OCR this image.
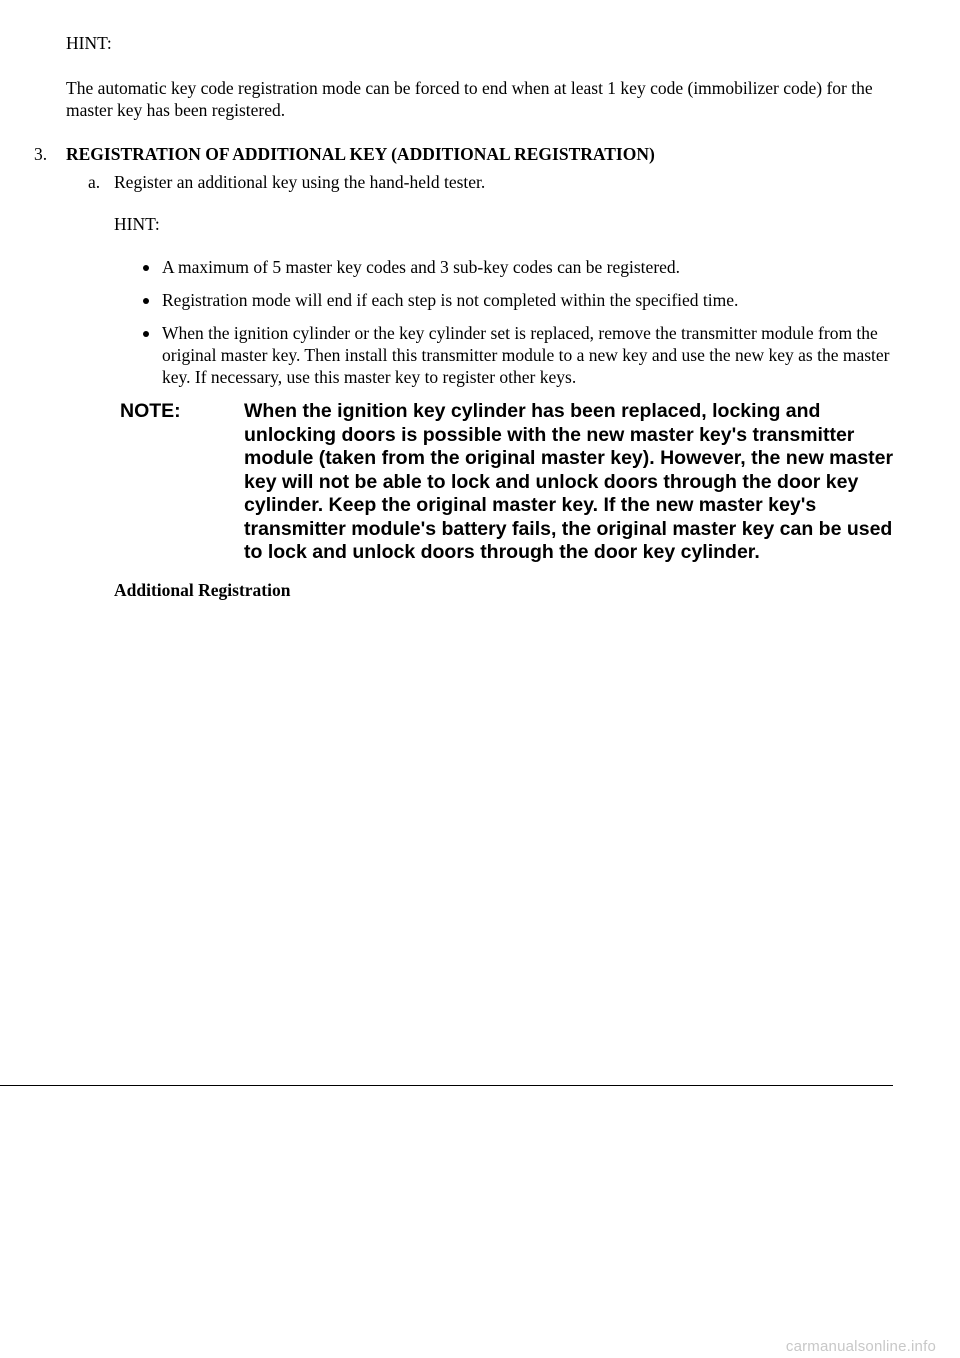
HINT:
The automatic key code registration mode can be forced to end when at least 1 key code (immobilizer code) for the master key has been registered.
3. REGISTRATION OF ADDITIONAL KEY (ADDITIONAL REGISTRATION)
a. Register an additional key using the hand-held tester.
HINT:
A maximum of 5 master key codes and 3 sub-key codes can be registered.
Registration mode will end if each step is not completed within the specified time.
When the ignition cylinder or the key cylinder set is replaced, remove the transmitter module from the original master key. Then install this transmitter module to a new key and use the new key as the master key. If necessary, use this master key to register other keys.
NOTE:	When the ignition key cylinder has been replaced, locking and unlocking doors is possible with the new master key's transmitter module (taken from the original master key). However, the new master key will not be able to lock and unlock doors through the door key cylinder. Keep the original master key. If the new master key's transmitter module's battery fails, the original master key can be used to lock and unlock doors through the door key cylinder.
Additional Registration
carmanualsonline.info
